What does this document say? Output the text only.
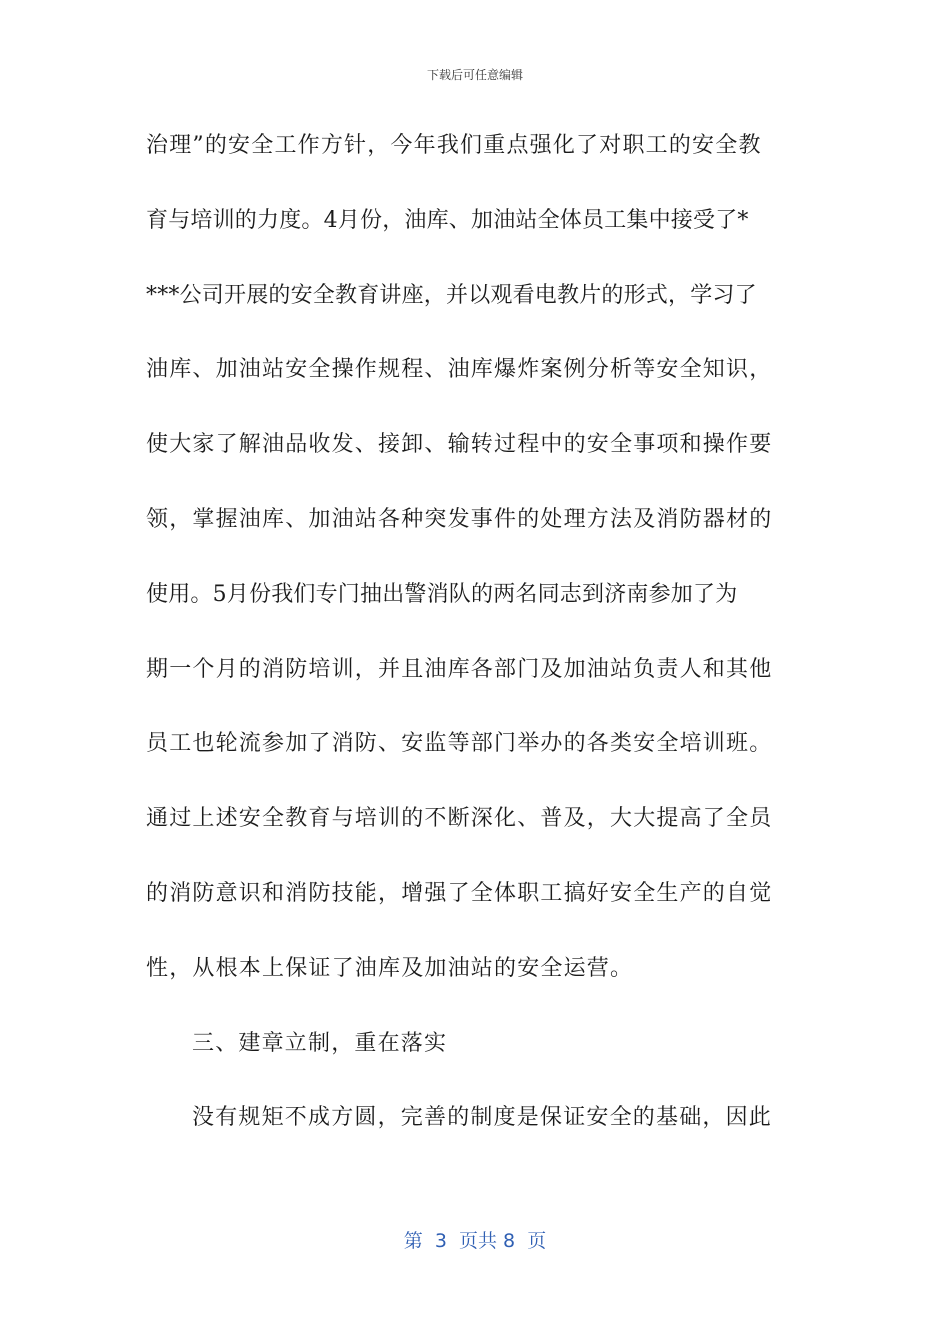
下载后可任意编辑
治理”的安全工作方针，今年我们重点强化了对职工的安全教
育与培训的力度。4月份，油库、加油站全体员工集中接受了*
***公司开展的安全教育讲座，并以观看电教片的形式，学习了
油库、加油站安全操作规程、油库爆炸案例分析等安全知识，
使大家了解油品收发、接卸、输转过程中的安全事项和操作要
领，掌握油库、加油站各种突发事件的处理方法及消防器材的
使用。5月份我们专门抽出警消队的两名同志到济南参加了为
期一个月的消防培训，并且油库各部门及加油站负责人和其他
员工也轮流参加了消防、安监等部门举办的各类安全培训班。
通过上述安全教育与培训的不断深化、普及，大大提高了全员
的消防意识和消防技能，增强了全体职工搞好安全生产的自觉
性，从根本上保证了油库及加油站的安全运营。
三、建章立制，重在落实
没有规矩不成方圆，完善的制度是保证安全的基础，因此
第  3  页共 8  页
